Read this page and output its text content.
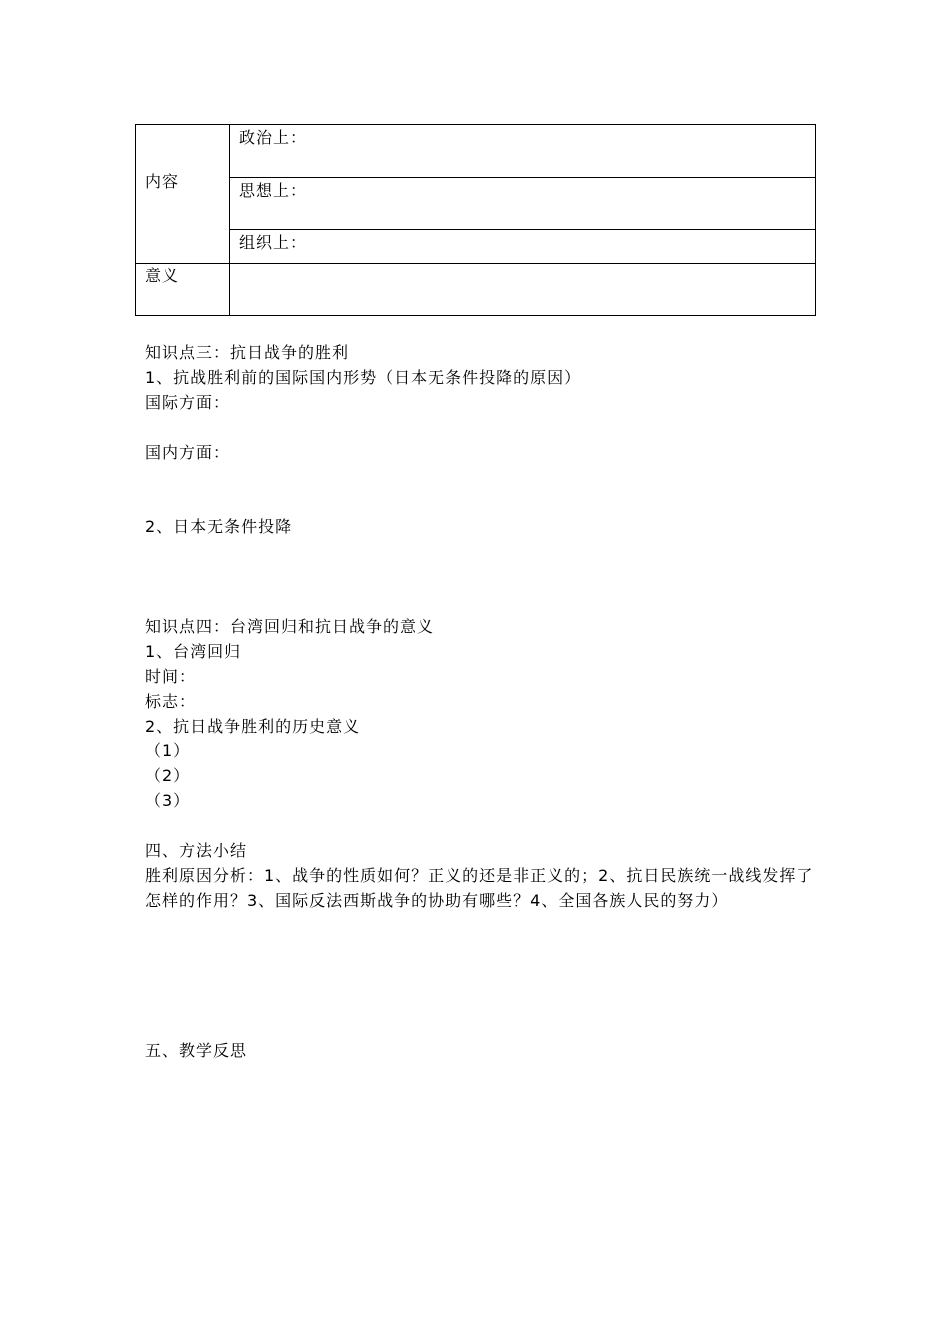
内容
意义
政治上：
思想上：
组织上：
知识点三：抗日战争的胜利
1、抗战胜利前的国际国内形势（日本无条件投降的原因）
国际方面：
国内方面：
2、日本无条件投降
知识点四：台湾回归和抗日战争的意义
1、台湾回归
时间：
标志：
2、抗日战争胜利的历史意义
（1）
（2）
（3）
四、方法小结
胜利原因分析：1、战争的性质如何？正义的还是非正义的；2、抗日民族统一战线发挥了怎样的作用？3、国际反法西斯战争的协助有哪些？4、全国各族人民的努力）
五、教学反思
